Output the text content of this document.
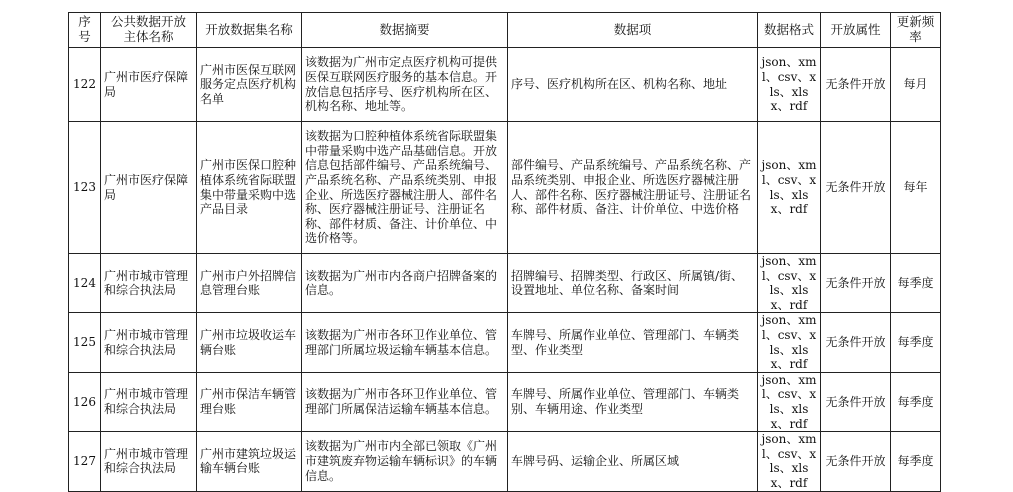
序号	公共数据开放主体名称	开放数据集名称	数据摘要	数据项	数据格式	开放属性	更新频率
122	广州市医疗保障局	广州市医保互联网服务定点医疗机构名单	该数据为广州市定点医疗机构可提供医保互联网医疗服务的基本信息。开放信息包括序号、医疗机构所在区、机构名称、地址等。	序号、医疗机构所在区、机构名称、地址	json、xml、csv、xls、xlsx、rdf	无条件开放	每月
123	广州市医疗保障局	广州市医保口腔种植体系统省际联盟集中带量采购中选产品目录	该数据为口腔种植体系统省际联盟集中带量采购中选产品基础信息。开放信息包括部件编号、产品系统编号、产品系统名称、产品系统类别、申报企业、所选医疗器械注册人、部件名称、医疗器械注册证号、注册证名称、部件材质、备注、计价单位、中选价格等。	部件编号、产品系统编号、产品系统名称、产品系统类别、申报企业、所选医疗器械注册人、部件名称、医疗器械注册证号、注册证名称、部件材质、备注、计价单位、中选价格	json、xml、csv、xls、xlsx、rdf	无条件开放	每年
124	广州市城市管理和综合执法局	广州市户外招牌信息管理台账	该数据为广州市内各商户招牌备案的信息。	招牌编号、招牌类型、行政区、所属镇/街、设置地址、单位名称、备案时间	json、xml、csv、xls、xlsx、rdf	无条件开放	每季度
125	广州市城市管理和综合执法局	广州市垃圾收运车辆台账	该数据为广州市各环卫作业单位、管理部门所属垃圾运输车辆基本信息。	车牌号、所属作业单位、管理部门、车辆类型、作业类型	json、xml、csv、xls、xlsx、rdf	无条件开放	每季度
126	广州市城市管理和综合执法局	广州市保洁车辆管理台账	该数据为广州市各环卫作业单位、管理部门所属保洁运输车辆基本信息。	车牌号、所属作业单位、管理部门、车辆类别、车辆用途、作业类型	json、xml、csv、xls、xlsx、rdf	无条件开放	每季度
127	广州市城市管理和综合执法局	广州市建筑垃圾运输车辆台账	该数据为广州市内全部已领取《广州市建筑废弃物运输车辆标识》的车辆信息。	车牌号码、运输企业、所属区域	json、xml、csv、xls、xlsx、rdf	无条件开放	每季度
